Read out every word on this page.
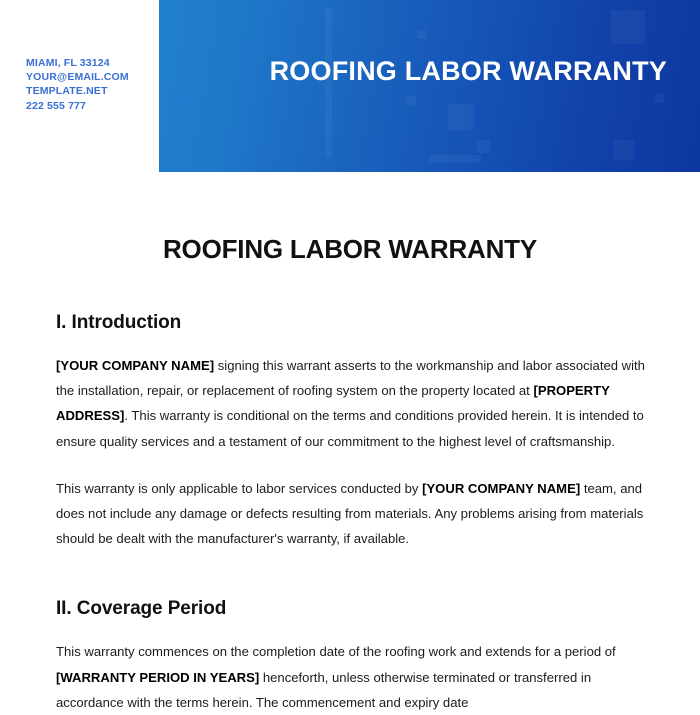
ROOFING LABOR WARRANTY
MIAMI, FL 33124
YOUR@EMAIL.COM
TEMPLATE.NET
222 555 777
ROOFING LABOR WARRANTY
I. Introduction

[YOUR COMPANY NAME] signing this warrant asserts to the workmanship and labor associated with the installation, repair, or replacement of roofing system on the property located at [PROPERTY ADDRESS]. This warranty is conditional on the terms and conditions provided herein. It is intended to ensure quality services and a testament of our commitment to the highest level of craftsmanship.

This warranty is only applicable to labor services conducted by [YOUR COMPANY NAME] team, and does not include any damage or defects resulting from materials. Any problems arising from materials should be dealt with the manufacturer's warranty, if available.

II. Coverage Period

This warranty commences on the completion date of the roofing work and extends for a period of [WARRANTY PERIOD IN YEARS] henceforth, unless otherwise terminated or transferred in accordance with the terms herein. The commencement and expiry date
